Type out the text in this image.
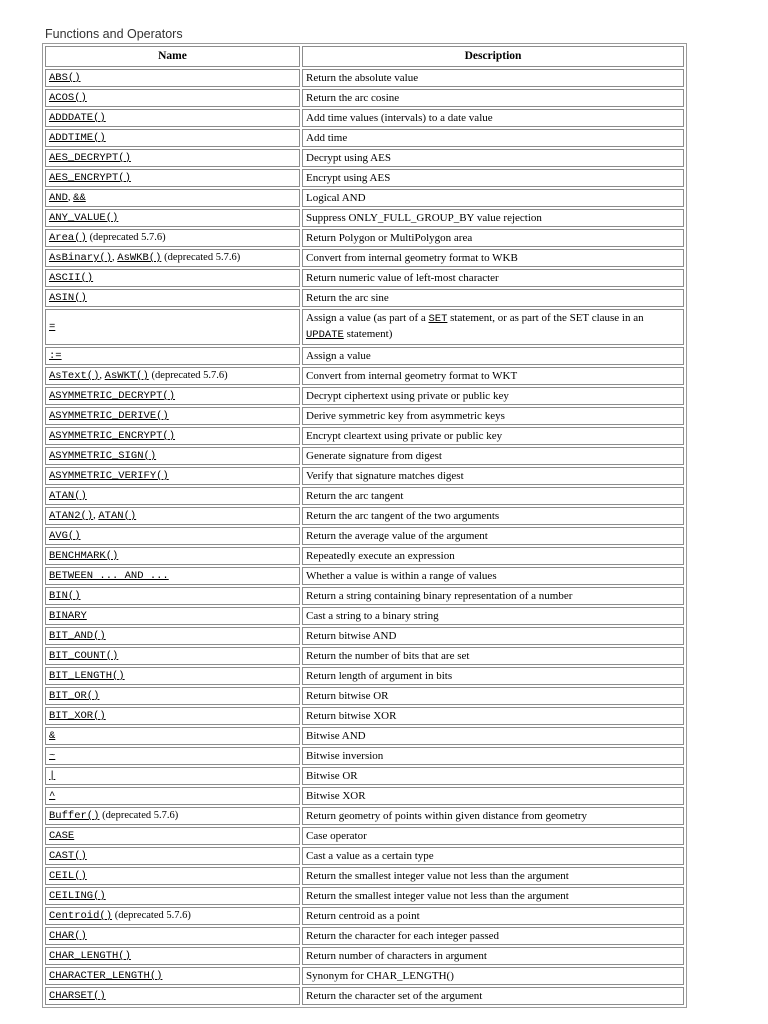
Functions and Operators
Name	Description
ABS()	Return the absolute value
ACOS()	Return the arc cosine
ADDDATE()	Add time values (intervals) to a date value
ADDTIME()	Add time
AES_DECRYPT()	Decrypt using AES
AES_ENCRYPT()	Encrypt using AES
AND, &&	Logical AND
ANY_VALUE()	Suppress ONLY_FULL_GROUP_BY value rejection
Area() (deprecated 5.7.6)	Return Polygon or MultiPolygon area
AsBinary(), AsWKB() (deprecated 5.7.6)	Convert from internal geometry format to WKB
ASCII()	Return numeric value of left-most character
ASIN()	Return the arc sine
=	Assign a value (as part of a SET statement, or as part of the SET clause in an UPDATE statement)
:=	Assign a value
AsText(), AsWKT() (deprecated 5.7.6)	Convert from internal geometry format to WKT
ASYMMETRIC_DECRYPT()	Decrypt ciphertext using private or public key
ASYMMETRIC_DERIVE()	Derive symmetric key from asymmetric keys
ASYMMETRIC_ENCRYPT()	Encrypt cleartext using private or public key
ASYMMETRIC_SIGN()	Generate signature from digest
ASYMMETRIC_VERIFY()	Verify that signature matches digest
ATAN()	Return the arc tangent
ATAN2(), ATAN()	Return the arc tangent of the two arguments
AVG()	Return the average value of the argument
BENCHMARK()	Repeatedly execute an expression
BETWEEN ... AND ...	Whether a value is within a range of values
BIN()	Return a string containing binary representation of a number
BINARY	Cast a string to a binary string
BIT_AND()	Return bitwise AND
BIT_COUNT()	Return the number of bits that are set
BIT_LENGTH()	Return length of argument in bits
BIT_OR()	Return bitwise OR
BIT_XOR()	Return bitwise XOR
&	Bitwise AND
~	Bitwise inversion
|	Bitwise OR
^	Bitwise XOR
Buffer() (deprecated 5.7.6)	Return geometry of points within given distance from geometry
CASE	Case operator
CAST()	Cast a value as a certain type
CEIL()	Return the smallest integer value not less than the argument
CEILING()	Return the smallest integer value not less than the argument
Centroid() (deprecated 5.7.6)	Return centroid as a point
CHAR()	Return the character for each integer passed
CHAR_LENGTH()	Return number of characters in argument
CHARACTER_LENGTH()	Synonym for CHAR_LENGTH()
CHARSET()	Return the character set of the argument
